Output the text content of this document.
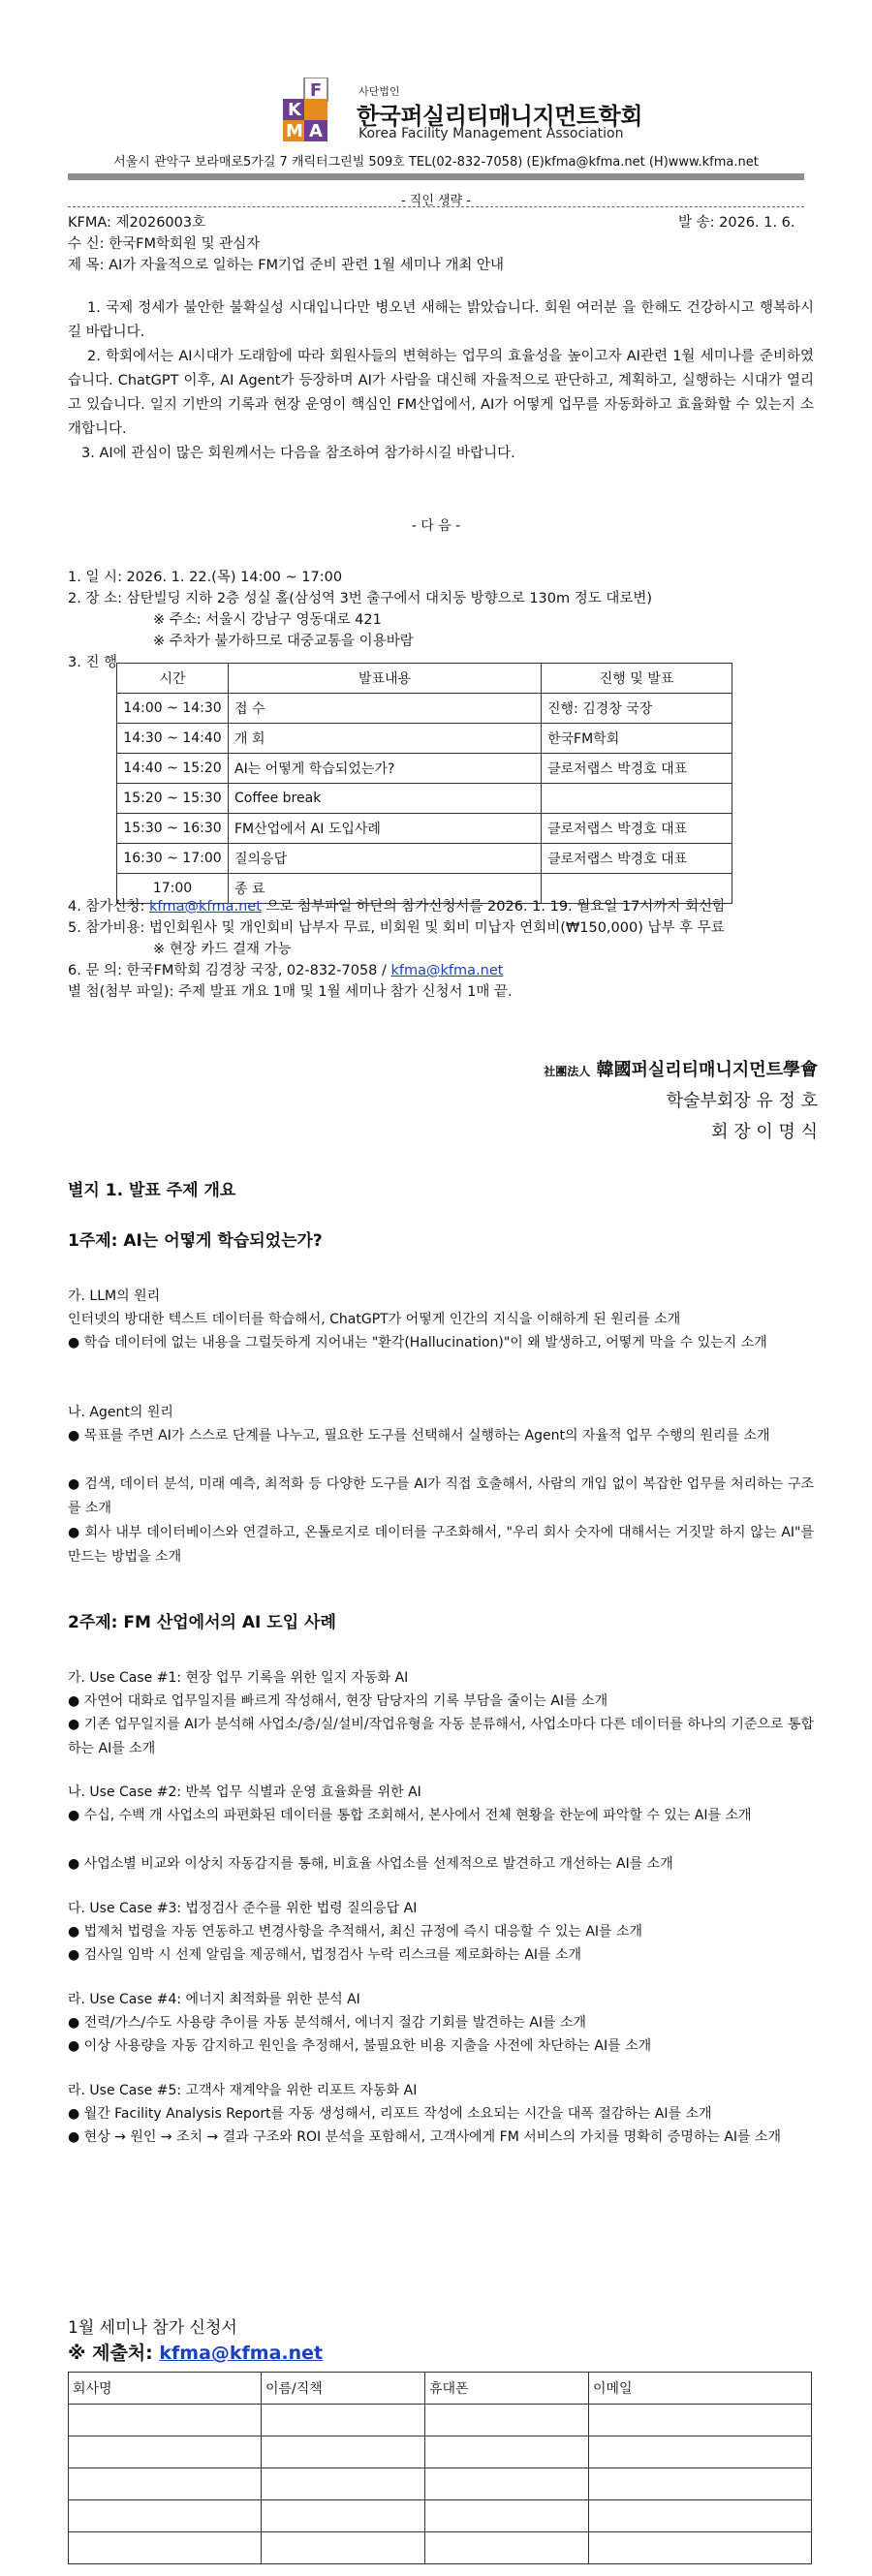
F
K
M A
사단법인
한국퍼실리티매니지먼트학회
Korea Facility Management Association
서울시 관악구 보라매로5가길 7 캐릭터그린빌 509호 TEL(02-832-7058) (E)kfma@kfma.net (H)www.kfma.net
- 직인 생략 -
KFMA: 제2026003호	발 송: 2026. 1. 6.
수 신: 한국FM학회원 및 관심자
제 목: AI가 자율적으로 일하는 FM기업 준비 관련 1월 세미나 개최 안내
1. 국제 정세가 불안한 불확실성 시대입니다만 병오년 새해는 밝았습니다. 회원 여러분 을 한해도 건강하시고 행복하시길 바랍니다.
2. 학회에서는 AI시대가 도래함에 따라 회원사들의 변혁하는 업무의 효율성을 높이고자 AI관련 1월 세미나를 준비하였습니다. ChatGPT 이후, AI Agent가 등장하며 AI가 사람을 대신해 자율적으로 판단하고, 계획하고, 실행하는 시대가 열리고 있습니다. 일지 기반의 기록과 현장 운영이 핵심인 FM산업에서, AI가 어떻게 업무를 자동화하고 효율화할 수 있는지 소개합니다.
3. AI에 관심이 많은 회원께서는 다음을 참조하여 참가하시길 바랍니다.
- 다 음 -
1. 일 시: 2026. 1. 22.(목) 14:00 ~ 17:00
2. 장 소: 삼탄빌딩 지하 2층 성실 홀(삼성역 3번 출구에서 대치동 방향으로 130m 정도 대로변)
※ 주소: 서울시 강남구 영동대로 421
※ 주차가 불가하므로 대중교통을 이용바람
3. 진 행
시간	발표내용	진행 및 발표
14:00 ~ 14:30	접 수	진행: 김경창 국장
14:30 ~ 14:40	개 회	한국FM학회
14:40 ~ 15:20	AI는 어떻게 학습되었는가?	클로저랩스 박경호 대표
15:20 ~ 15:30	Coffee break	
15:30 ~ 16:30	FM산업에서 AI 도입사례	클로저랩스 박경호 대표
16:30 ~ 17:00	질의응답	클로저랩스 박경호 대표
17:00	종 료	
4. 참가신청: kfma@kfma.net 으로 첨부파일 하단의 참가신청서를 2026. 1. 19. 월요일 17시까지 회신함
5. 참가비용: 법인회원사 및 개인회비 납부자 무료, 비회원 및 회비 미납자 연회비(₩150,000) 납부 후 무료
※ 현장 카드 결재 가능
6. 문 의: 한국FM학회 김경창 국장, 02-832-7058 / kfma@kfma.net
별 첨(첨부 파일): 주제 발표 개요 1매 및 1월 세미나 참가 신청서 1매 끝.
社團法人 韓國퍼실리티매니지먼트學會
학술부회장 유 정 호
회 장 이 명 식
별지 1. 발표 주제 개요
1주제: AI는 어떻게 학습되었는가?
가. LLM의 원리
인터넷의 방대한 텍스트 데이터를 학습해서, ChatGPT가 어떻게 인간의 지식을 이해하게 된 원리를 소개
● 학습 데이터에 없는 내용을 그럴듯하게 지어내는 "환각(Hallucination)"이 왜 발생하고, 어떻게 막을 수 있는지 소개
나. Agent의 원리
● 목표를 주면 AI가 스스로 단계를 나누고, 필요한 도구를 선택해서 실행하는 Agent의 자율적 업무 수행의 원리를 소개
● 검색, 데이터 분석, 미래 예측, 최적화 등 다양한 도구를 AI가 직접 호출해서, 사람의 개입 없이 복잡한 업무를 처리하는 구조를 소개
● 회사 내부 데이터베이스와 연결하고, 온톨로지로 데이터를 구조화해서, "우리 회사 숫자에 대해서는 거짓말 하지 않는 AI"를 만드는 방법을 소개
2주제: FM 산업에서의 AI 도입 사례
가. Use Case #1: 현장 업무 기록을 위한 일지 자동화 AI
● 자연어 대화로 업무일지를 빠르게 작성해서, 현장 담당자의 기록 부담을 줄이는 AI를 소개
● 기존 업무일지를 AI가 분석해 사업소/층/실/설비/작업유형을 자동 분류해서, 사업소마다 다른 데이터를 하나의 기준으로 통합하는 AI를 소개
나. Use Case #2: 반복 업무 식별과 운영 효율화를 위한 AI
● 수십, 수백 개 사업소의 파편화된 데이터를 통합 조회해서, 본사에서 전체 현황을 한눈에 파악할 수 있는 AI를 소개
● 사업소별 비교와 이상치 자동감지를 통해, 비효율 사업소를 선제적으로 발견하고 개선하는 AI를 소개
다. Use Case #3: 법정검사 준수를 위한 법령 질의응답 AI
● 법제처 법령을 자동 연동하고 변경사항을 추적해서, 최신 규정에 즉시 대응할 수 있는 AI를 소개
● 검사일 임박 시 선제 알림을 제공해서, 법정검사 누락 리스크를 제로화하는 AI를 소개
라. Use Case #4: 에너지 최적화를 위한 분석 AI
● 전력/가스/수도 사용량 추이를 자동 분석해서, 에너지 절감 기회를 발견하는 AI를 소개
● 이상 사용량을 자동 감지하고 원인을 추정해서, 불필요한 비용 지출을 사전에 차단하는 AI를 소개
라. Use Case #5: 고객사 재계약을 위한 리포트 자동화 AI
● 월간 Facility Analysis Report를 자동 생성해서, 리포트 작성에 소요되는 시간을 대폭 절감하는 AI를 소개
● 현상 → 원인 → 조치 → 결과 구조와 ROI 분석을 포함해서, 고객사에게 FM 서비스의 가치를 명확히 증명하는 AI를 소개
1월 세미나 참가 신청서
※ 제출처: kfma@kfma.net
회사명	이름/직책	휴대폰	이메일
